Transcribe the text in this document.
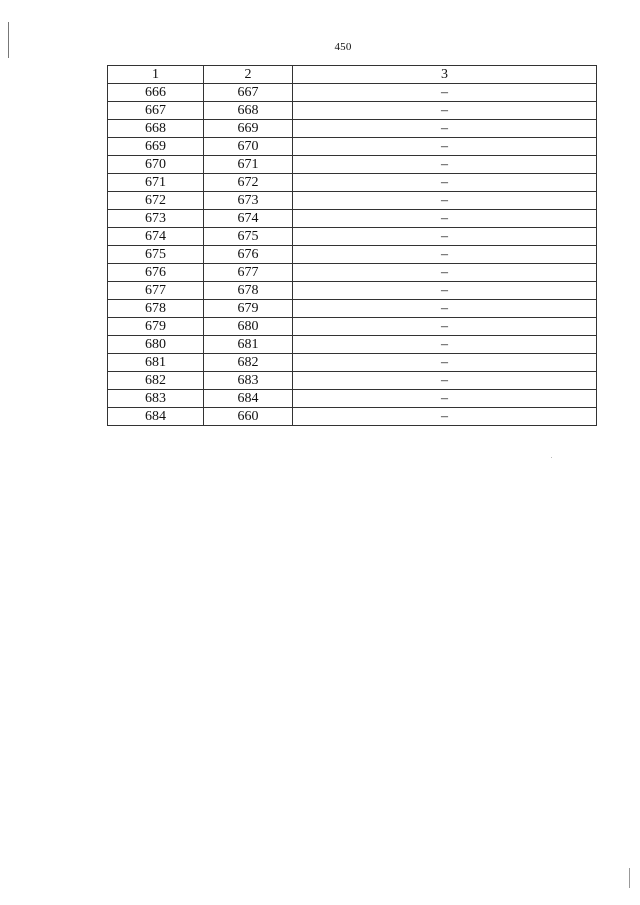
450
1	2	3
666	667	–
667	668	–
668	669	–
669	670	–
670	671	–
671	672	–
672	673	–
673	674	–
674	675	–
675	676	–
676	677	–
677	678	–
678	679	–
679	680	–
680	681	–
681	682	–
682	683	–
683	684	–
684	660	–
